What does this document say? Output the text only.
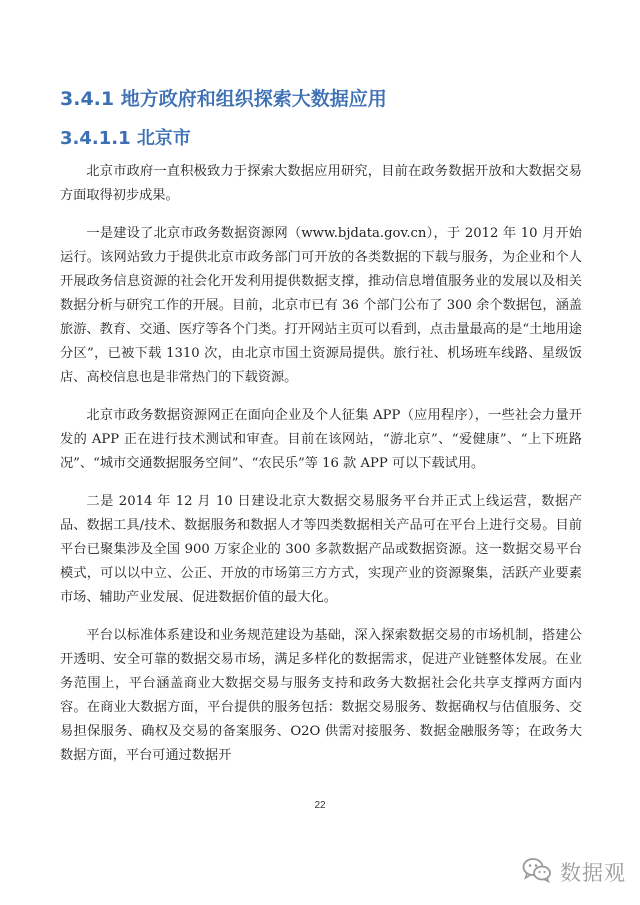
3.4.1 地方政府和组织探索大数据应用
3.4.1.1 北京市

北京市政府一直积极致力于探索大数据应用研究，目前在政务数据开放和大数据交易方面取得初步成果。

一是建设了北京市政务数据资源网（www.bjdata.gov.cn），于 2012 年 10 月开始运行。该网站致力于提供北京市政务部门可开放的各类数据的下载与服务，为企业和个人开展政务信息资源的社会化开发利用提供数据支撑，推动信息增值服务业的发展以及相关数据分析与研究工作的开展。目前，北京市已有 36 个部门公布了 300 余个数据包，涵盖旅游、教育、交通、医疗等各个门类。打开网站主页可以看到，点击量最高的是“土地用途分区”，已被下载 1310 次，由北京市国土资源局提供。旅行社、机场班车线路、星级饭店、高校信息也是非常热门的下载资源。

北京市政务数据资源网正在面向企业及个人征集 APP（应用程序），一些社会力量开发的 APP 正在进行技术测试和审查。目前在该网站，“游北京”、“爱健康”、“上下班路况”、“城市交通数据服务空间”、“农民乐”等 16 款 APP 可以下载试用。

二是 2014 年 12 月 10 日建设北京大数据交易服务平台并正式上线运营，数据产品、数据工具/技术、数据服务和数据人才等四类数据相关产品可在平台上进行交易。目前平台已聚集涉及全国 900 万家企业的 300 多款数据产品或数据资源。这一数据交易平台模式，可以以中立、公正、开放的市场第三方方式，实现产业的资源聚集，活跃产业要素市场、辅助产业发展、促进数据价值的最大化。

平台以标准体系建设和业务规范建设为基础，深入探索数据交易的市场机制，搭建公开透明、安全可靠的数据交易市场，满足多样化的数据需求，促进产业链整体发展。在业务范围上，平台涵盖商业大数据交易与服务支持和政务大数据社会化共享支撑两方面内容。在商业大数据方面，平台提供的服务包括：数据交易服务、数据确权与估值服务、交易担保服务、确权及交易的备案服务、O2O 供需对接服务、数据金融服务等；在政务大数据方面，平台可通过数据开

22
数据观
